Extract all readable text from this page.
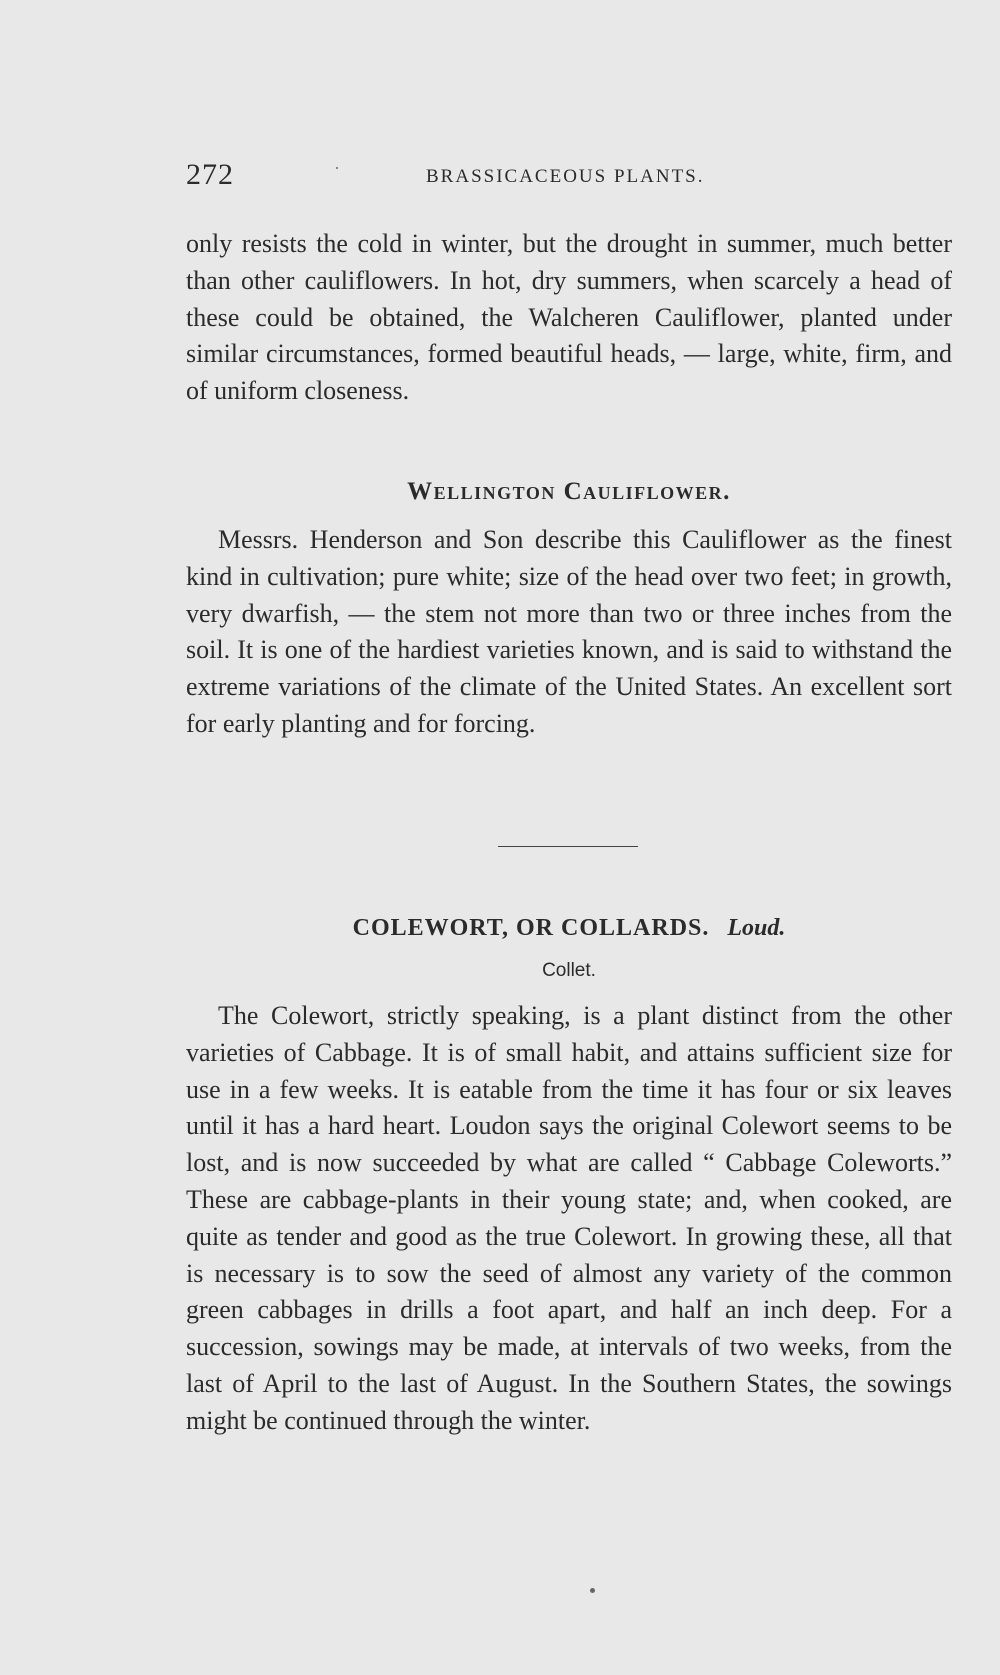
272	·	BRASSICACEOUS PLANTS.

only resists the cold in winter, but the drought in summer, much better than other cauliflowers. In hot, dry summers, when scarcely a head of these could be obtained, the Walcheren Cauliflower, planted under similar circumstances, formed beautiful heads, — large, white, firm, and of uniform closeness.

Wellington Cauliflower.

Messrs. Henderson and Son describe this Cauliflower as the finest kind in cultivation; pure white; size of the head over two feet; in growth, very dwarfish, — the stem not more than two or three inches from the soil. It is one of the hardiest varieties known, and is said to withstand the extreme variations of the climate of the United States. An excellent sort for early planting and for forcing.

COLEWORT, OR COLLARDS. Loud.

Collet.

The Colewort, strictly speaking, is a plant distinct from the other varieties of Cabbage. It is of small habit, and attains sufficient size for use in a few weeks. It is eatable from the time it has four or six leaves until it has a hard heart. Loudon says the original Colewort seems to be lost, and is now succeeded by what are called “ Cabbage Coleworts.” These are cabbage-plants in their young state; and, when cooked, are quite as tender and good as the true Colewort. In growing these, all that is necessary is to sow the seed of almost any variety of the common green cabbages in drills a foot apart, and half an inch deep. For a succession, sowings may be made, at intervals of two weeks, from the last of April to the last of August. In the Southern States, the sowings might be continued through the winter.
